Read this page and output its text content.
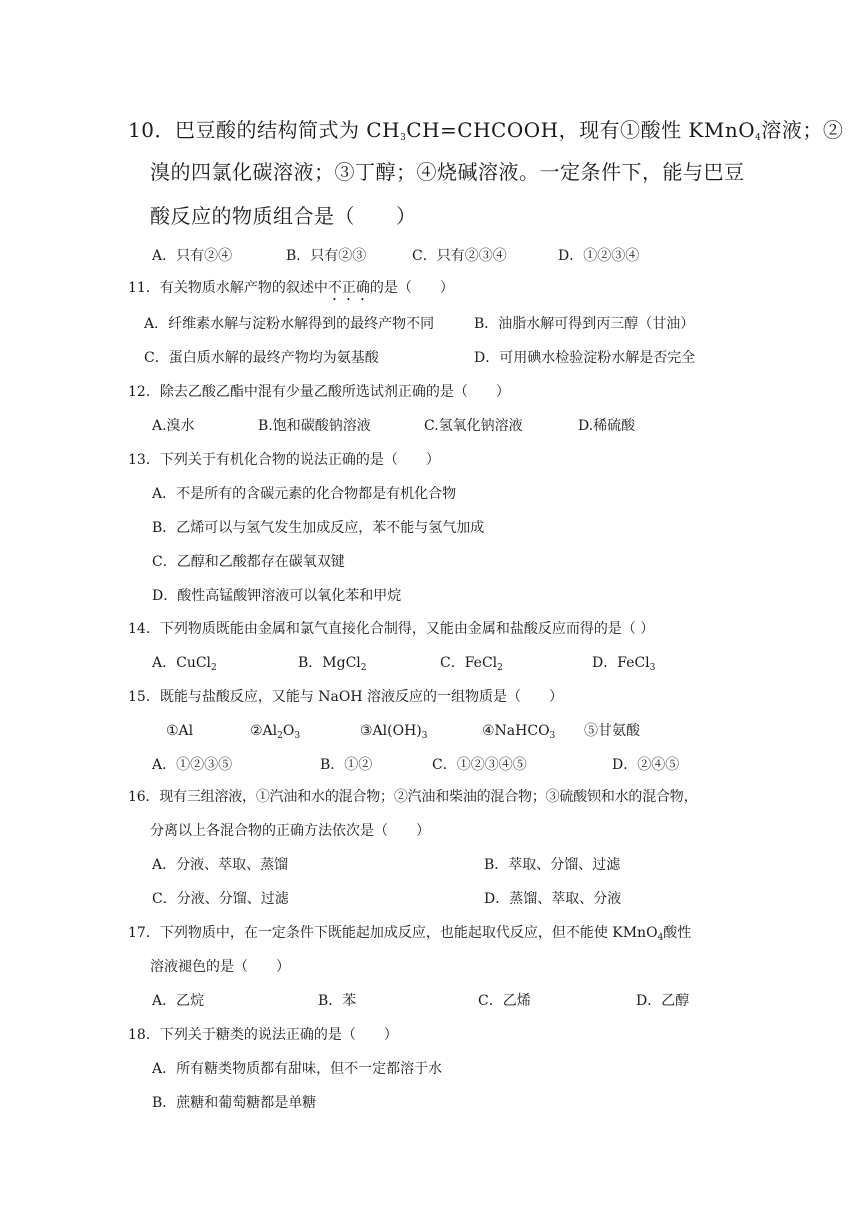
10．巴豆酸的结构简式为 $CH_3CH=CHCOOH$，现有①酸性 KMnO$_4$溶液；②
溴的四氯化碳溶液；③丁醇；④烧碱溶液。一定条件下，能与巴豆
酸反应的物质组合是（　　）
A．只有②④	B．只有②③	C．只有②③④	D．①②③④
11．有关物质水解产物的叙述中不正确的是（　　）
A．纤维素水解与淀粉水解得到的最终产物不同	B．油脂水解可得到丙三醇（甘油）
C．蛋白质水解的最终产物均为氨基酸	D．可用碘水检验淀粉水解是否完全
12．除去乙酸乙酯中混有少量乙酸所选试剂正确的是（　　）
A.溴水	B.饱和碳酸钠溶液	C.氢氧化钠溶液	D.稀硫酸
13．下列关于有机化合物的说法正确的是（　　）
A．不是所有的含碳元素的化合物都是有机化合物
B．乙烯可以与氢气发生加成反应，苯不能与氢气加成
C．乙醇和乙酸都存在碳氧双键
D．酸性高锰酸钾溶液可以氧化苯和甲烷
14．下列物质既能由金属和氯气直接化合制得，又能由金属和盐酸反应而得的是（ ）
A．CuCl$_2$	B．MgCl$_2$	C．FeCl$_2$	D．FeCl$_3$
15．既能与盐酸反应，又能与 NaOH 溶液反应的一组物质是（　　）
①Al	$②Al_2O_3$	$③Al(OH)_3$	④NaHCO$_3$ ⑤甘氨酸
A．①②③⑤	B．①②	C．①②③④⑤	D．②④⑤
16．现有三组溶液，①汽油和水的混合物；②汽油和柴油的混合物；③硫酸钡和水的混合物，
分离以上各混合物的正确方法依次是（　　）
A．分液、萃取、蒸馏	B．萃取、分馏、过滤
C．分液、分馏、过滤	D．蒸馏、萃取、分液
17．下列物质中，在一定条件下既能起加成反应，也能起取代反应，但不能使 KMnO$_4$酸性
溶液褪色的是（　　）
A．乙烷	B．苯	C．乙烯	D．乙醇
18．下列关于糖类的说法正确的是（　　）
A．所有糖类物质都有甜味，但不一定都溶于水
B．蔗糖和葡萄糖都是单糖
